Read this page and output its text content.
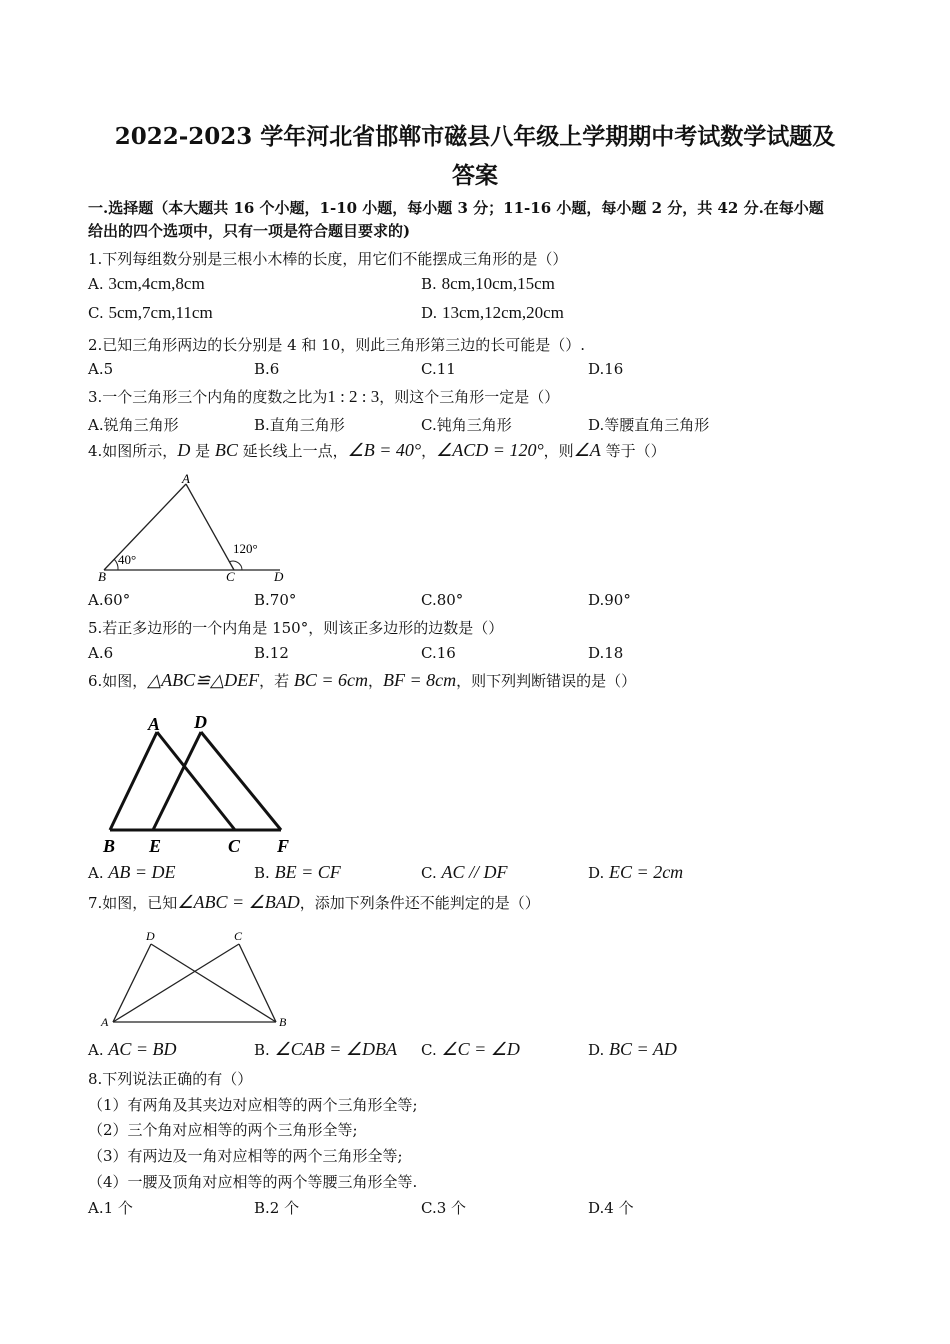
2022-2023 学年河北省邯郸市磁县八年级上学期期中考试数学试题及
答案
一.选择题（本大题共 16 个小题，1-10 小题，每小题 3 分；11-16 小题，每小题 2 分，共 42 分.在每小题
给出的四个选项中，只有一项是符合题目要求的)
1.下列每组数分别是三根小木棒的长度，用它们不能摆成三角形的是（）
A. 3cm,4cm,8cm	B. 8cm,10cm,15cm
C. 5cm,7cm,11cm	D. 13cm,12cm,20cm
2.已知三角形两边的长分别是 4 和 10，则此三角形第三边的长可能是（）.
A.5	B.6	C.11	D.16
3.一个三角形三个内角的度数之比为1 : 2 : 3，则这个三角形一定是（）
A.锐角三角形	B.直角三角形	C.钝角三角形	D.等腰直角三角形
4.如图所示，D 是 BC 延长线上一点，∠B = 40°，∠ACD = 120°，则∠A 等于（）
A
B	C	D
40°
120°
A.60°	B.70°	C.80°	D.90°
5.若正多边形的一个内角是 150°，则该正多边形的边数是（）
A.6	B.12	C.16	D.18
6.如图，△ABC≌△DEF，若 BC = 6cm，BF = 8cm，则下列判断错误的是（）
A D
B E	C F
A. AB = DE	B. BE = CF	C. AC // DF	D. EC = 2cm
7.如图，已知∠ABC = ∠BAD，添加下列条件还不能判定的是（）
D	C
A	B
A. AC = BD	B. ∠CAB = ∠DBA C. ∠C = ∠D	D. BC = AD
8.下列说法正确的有（）
（1）有两角及其夹边对应相等的两个三角形全等;
（2）三个角对应相等的两个三角形全等;
（3）有两边及一角对应相等的两个三角形全等;
（4）一腰及顶角对应相等的两个等腰三角形全等.
A.1 个	B.2 个	C.3 个	D.4 个
